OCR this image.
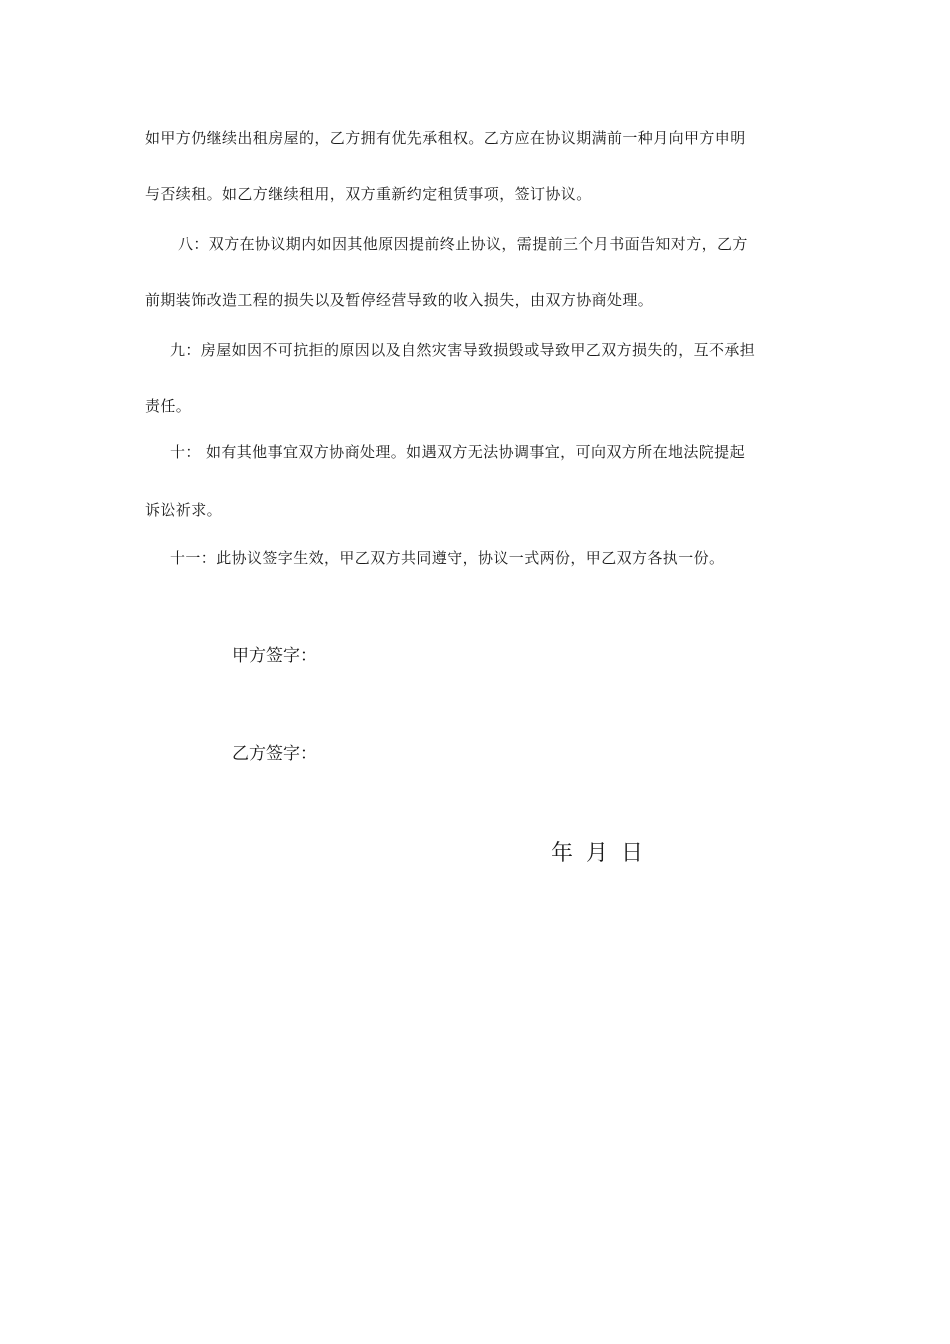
如甲方仍继续出租房屋的，乙方拥有优先承租权。乙方应在协议期满前一种月向甲方申明
与否续租。如乙方继续租用，双方重新约定租赁事项，签订协议。
八：双方在协议期内如因其他原因提前终止协议，需提前三个月书面告知对方，乙方
前期装饰改造工程的损失以及暂停经营导致的收入损失，由双方协商处理。
九：房屋如因不可抗拒的原因以及自然灾害导致损毁或导致甲乙双方损失的，互不承担
责任。
十： 如有其他事宜双方协商处理。如遇双方无法协调事宜，可向双方所在地法院提起
诉讼祈求。
十一：此协议签字生效，甲乙双方共同遵守，协议一式两份，甲乙双方各执一份。
甲方签字：
乙方签字：
年 月 日
